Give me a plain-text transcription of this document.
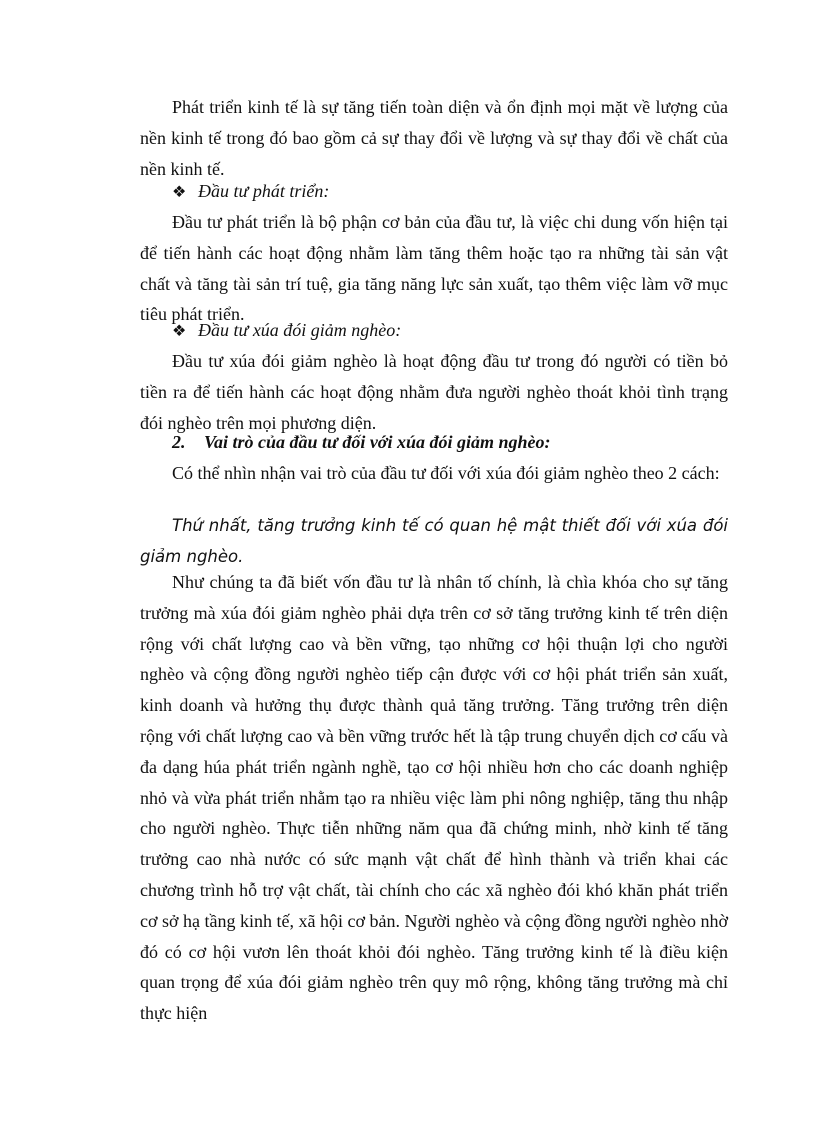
Phát triển kinh tế là sự tăng tiến toàn diện và ổn định mọi mặt về lượng của nền kinh tế trong đó bao gồm cả sự thay đổi về lượng và sự thay đổi về chất của nền kinh tế.

❖ Đầu tư phát triển:

Đầu tư phát triển là bộ phận cơ bản của đầu tư, là việc chi dung vốn hiện tại để tiến hành các hoạt động nhằm làm tăng thêm hoặc tạo ra những tài sản vật chất và tăng tài sản trí tuệ, gia tăng năng lực sản xuất, tạo thêm việc làm vỡ mục tiêu phát triển.

❖ Đầu tư xúa đói giảm nghèo:

Đầu tư xúa đói giảm nghèo là hoạt động đầu tư trong đó người có tiền bỏ tiền ra để tiến hành các hoạt động nhằm đưa người nghèo thoát khỏi tình trạng đói nghèo trên mọi phương diện.

2. Vai trò của đầu tư đối với xúa đói giảm nghèo:

Có thể nhìn nhận vai trò của đầu tư đối với xúa đói giảm nghèo theo 2 cách:

Thứ nhất, tăng trưởng kinh tế có quan hệ mật thiết đối với xúa đói giảm nghèo.

Như chúng ta đã biết vốn đầu tư là nhân tố chính, là chìa khóa cho sự tăng trưởng mà xúa đói giảm nghèo phải dựa trên cơ sở tăng trưởng kinh tế trên diện rộng với chất lượng cao và bền vững, tạo những cơ hội thuận lợi cho người nghèo và cộng đồng người nghèo tiếp cận được với cơ hội phát triển sản xuất, kinh doanh và hưởng thụ được thành quả tăng trưởng. Tăng trưởng trên diện rộng với chất lượng cao và bền vững trước hết là tập trung chuyển dịch cơ cấu và đa dạng húa phát triển ngành nghề, tạo cơ hội nhiều hơn cho các doanh nghiệp nhỏ và vừa phát triển nhằm tạo ra nhiều việc làm phi nông nghiệp, tăng thu nhập cho người nghèo. Thực tiễn những năm qua đã chứng minh, nhờ kinh tế tăng trưởng cao nhà nước có sức mạnh vật chất để hình thành và triển khai các chương trình hỗ trợ vật chất, tài chính cho các xã nghèo đói khó khăn phát triển cơ sở hạ tầng kinh tế, xã hội cơ bản. Người nghèo và cộng đồng người nghèo nhờ đó có cơ hội vươn lên thoát khỏi đói nghèo. Tăng trưởng kinh tế là điều kiện quan trọng để xúa đói giảm nghèo trên quy mô rộng, không tăng trưởng mà chỉ thực hiện
